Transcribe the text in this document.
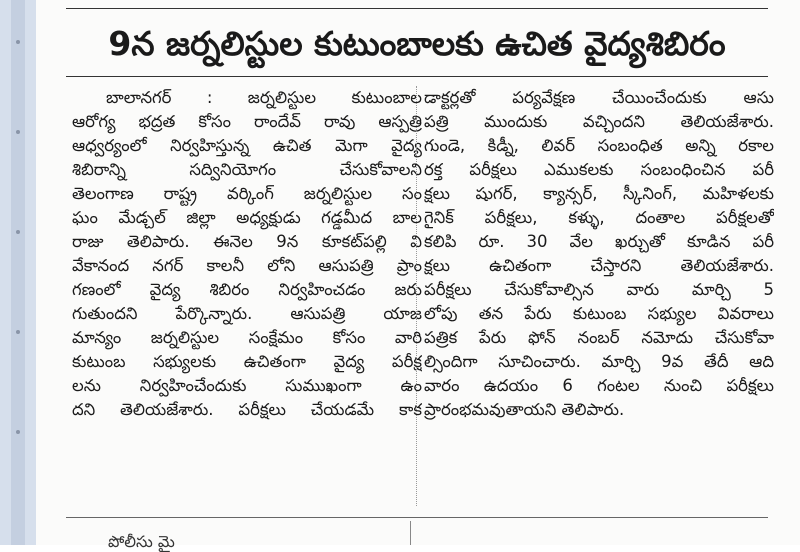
9న జర్నలిస్టుల కుటుంబాలకు ఉచిత వైద్యశిబిరం
బాలానగర్ : జర్నలిస్టుల కుటుంబాల
ఆరోగ్య భద్రత కోసం రాందేవ్ రావు ఆస్పత్రి
ఆధ్వర్యంలో నిర్వహిస్తున్న ఉచిత మెగా వైద్య
శిబిరాన్ని సద్వినియోగం చేసుకోవాలని
తెలంగాణ రాష్ట్ర వర్కింగ్ జర్నలిస్టుల సం
ఘం మేడ్చల్ జిల్లా అధ్యక్షుడు గడ్డమీద బాల
రాజు తెలిపారు. ఈనెల 9న కూకట్‌పల్లి వి
వేకానంద నగర్ కాలనీ లోని ఆసుపత్రి ప్రాం
గణంలో వైద్య శిబిరం నిర్వహించడం జరు
గుతుందని పేర్కొన్నారు. ఆసుపత్రి యాజ
మాన్యం జర్నలిస్టుల సంక్షేమం కోసం వారి
కుటుంబ సభ్యులకు ఉచితంగా వైద్య పరీక్ష
లను నిర్వహించేందుకు సుముఖంగా ఉం
దని తెలియజేశారు. పరీక్షలు చేయడమే కాక
డాక్టర్లతో పర్యవేక్షణ చేయించేందుకు ఆసు
పత్రి ముందుకు వచ్చిందని తెలియజేశారు.
గుండె, కిడ్నీ, లివర్ సంబంధిత అన్ని రకాల
రక్త పరీక్షలు ఎముకలకు సంబంధించిన పరీ
క్షలు షుగర్, క్యాన్సర్, స్కీనింగ్, మహిళలకు
గైనిక్ పరీక్షలు, కళ్ళు, దంతాల పరీక్షలతో
కలిపి రూ. 30 వేల ఖర్చుతో కూడిన పరీ
క్షలు ఉచితంగా చేస్తారని తెలియజేశారు.
పరీక్షలు చేసుకోవాల్సిన వారు మార్చి 5
లోపు తన పేరు కుటుంబ సభ్యుల వివరాలు
పత్రిక పేరు ఫోన్ నంబర్ నమోదు చేసుకోవా
ల్సిందిగా సూచించారు. మార్చి 9వ తేదీ ఆది
వారం ఉదయం 6 గంటల నుంచి పరీక్షలు
ప్రారంభమవుతాయని తెలిపారు.
పోలీసు మై
